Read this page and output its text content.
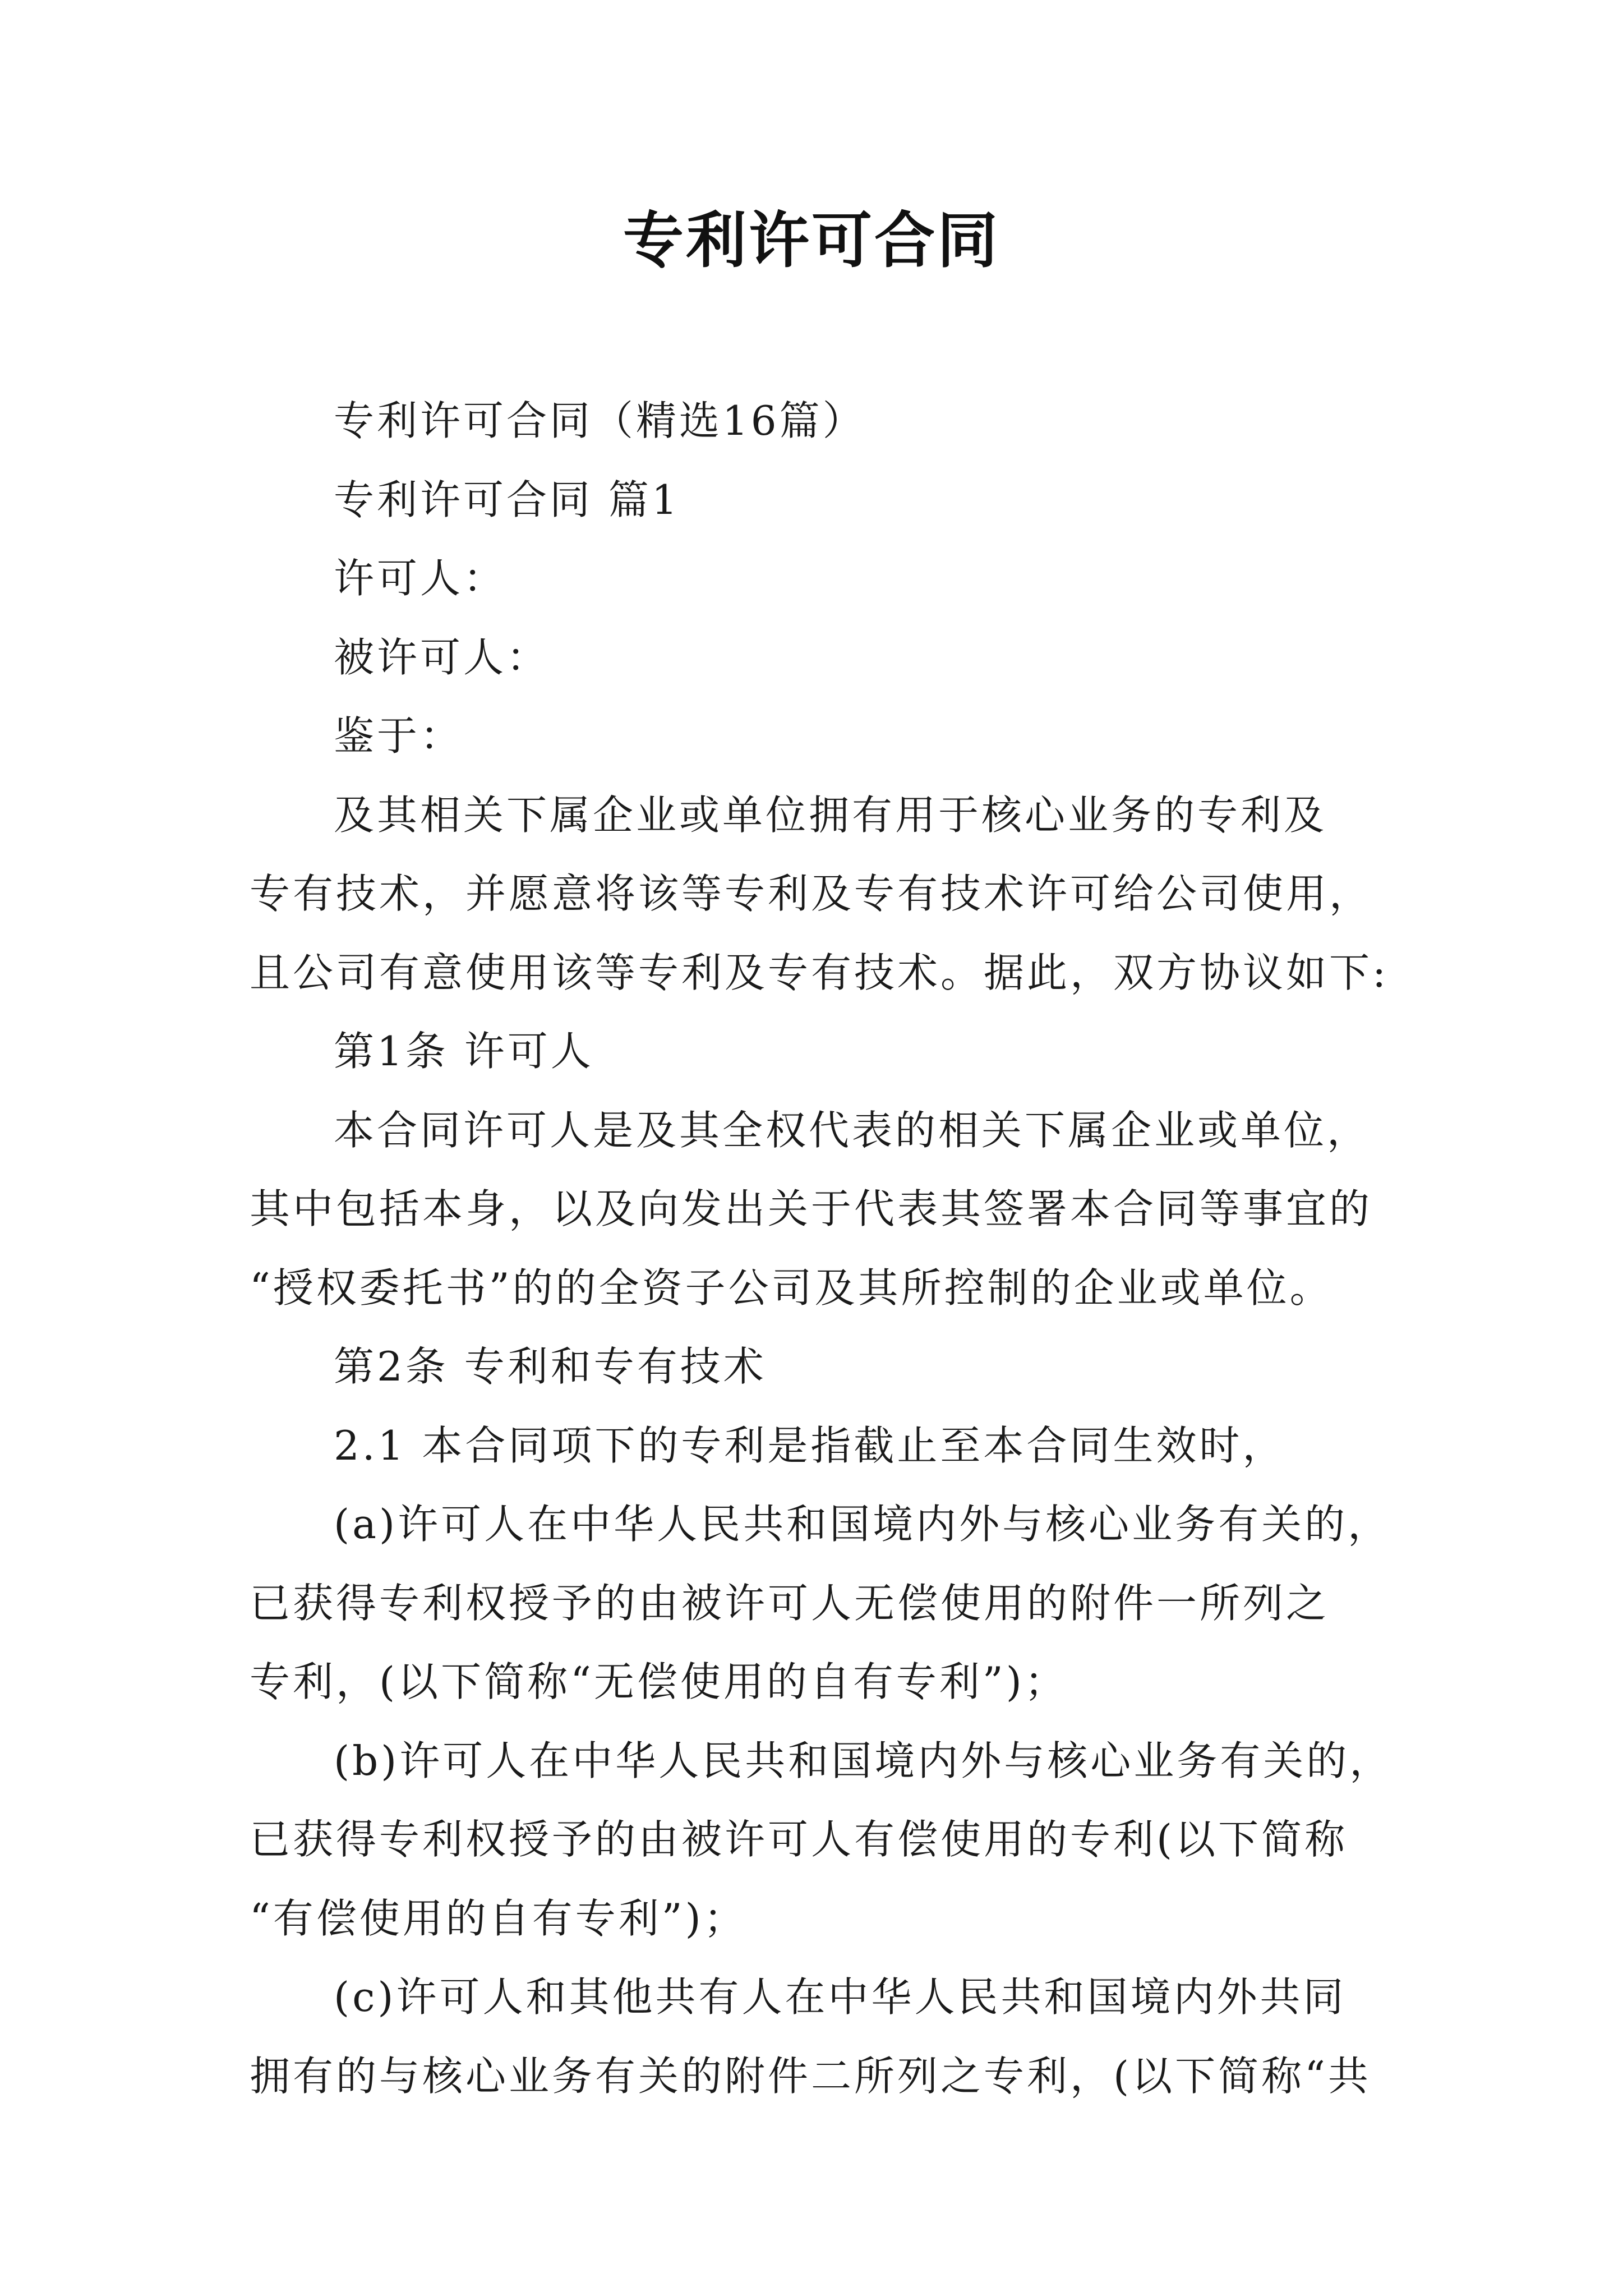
专利许可合同
专利许可合同（精选16篇）
专利许可合同 篇1
许可人：
被许可人：
鉴于：
及其相关下属企业或单位拥有用于核心业务的专利及
专有技术，并愿意将该等专利及专有技术许可给公司使用，
且公司有意使用该等专利及专有技术。据此，双方协议如下:
第1条 许可人
本合同许可人是及其全权代表的相关下属企业或单位，
其中包括本身，以及向发出关于代表其签署本合同等事宜的
“授权委托书”的的全资子公司及其所控制的企业或单位。
第2条 专利和专有技术
2.1 本合同项下的专利是指截止至本合同生效时，
(a)许可人在中华人民共和国境内外与核心业务有关的，
已获得专利权授予的由被许可人无偿使用的附件一所列之
专利，(以下简称“无偿使用的自有专利”)；
(b)许可人在中华人民共和国境内外与核心业务有关的，
已获得专利权授予的由被许可人有偿使用的专利(以下简称
“有偿使用的自有专利”)；
(c)许可人和其他共有人在中华人民共和国境内外共同
拥有的与核心业务有关的附件二所列之专利，(以下简称“共
